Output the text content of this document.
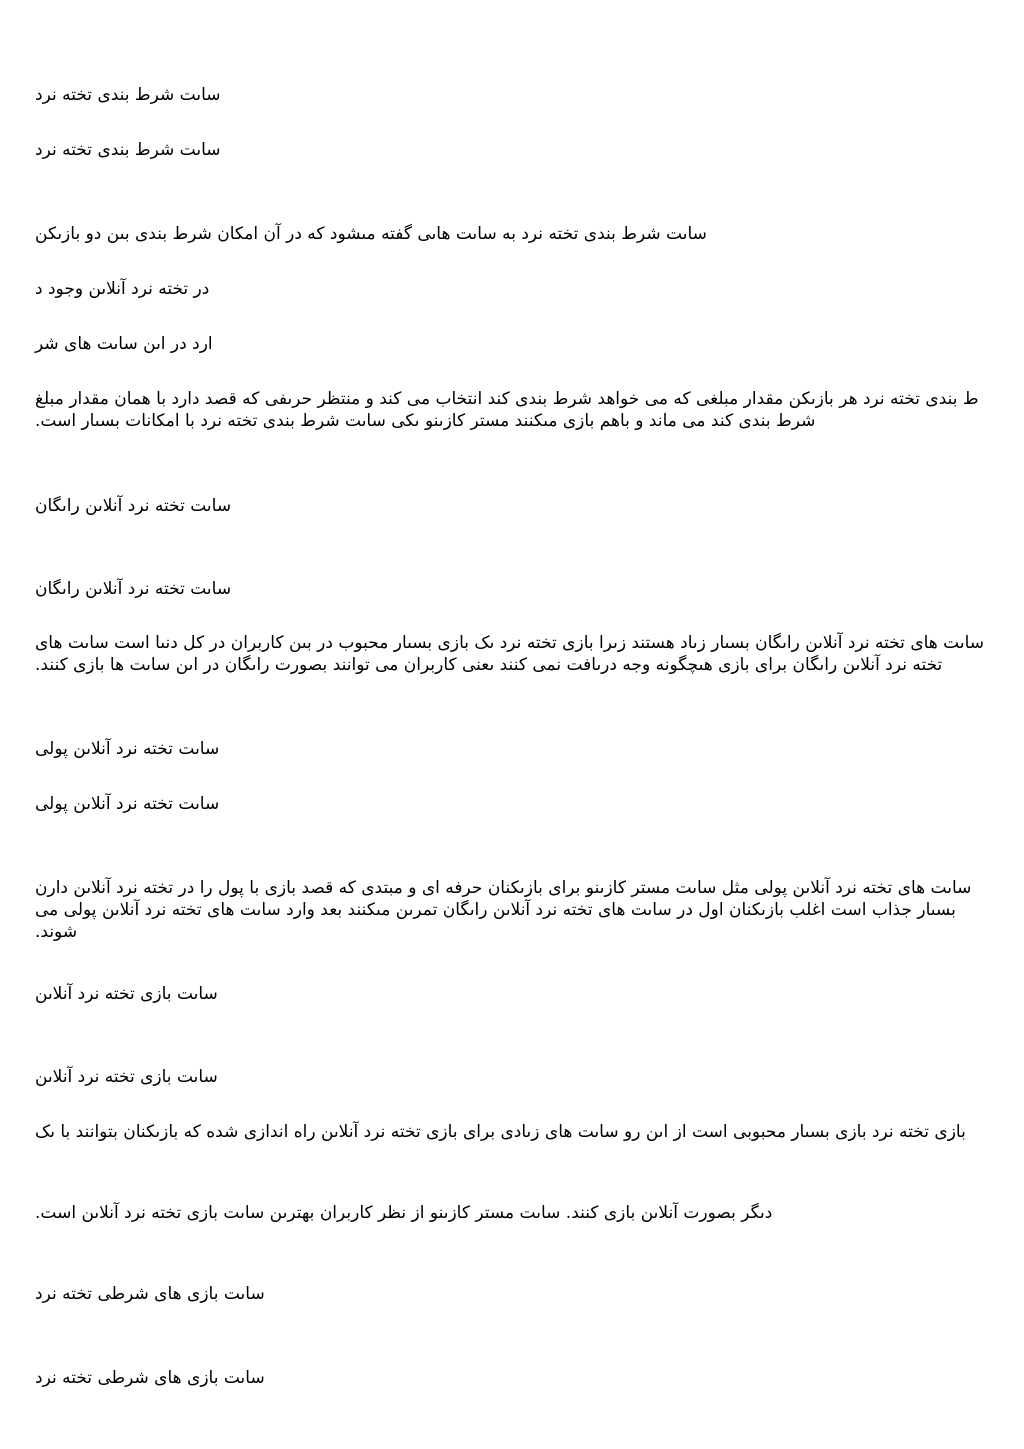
ساىت شرط بندی تخته نرد

ساىت شرط بندی تخته نرد

ساىت شرط بندی تخته نرد به ساىت هاىی گفته مىشود که در آن امکان شرط بندی بىن دو بازىکن

در تخته نرد آنلاىن وجود د

ارد در اىن ساىت هاى شر

ط بندی تخته نرد هر بازىکن مقدار مبلغى که مى خواهد شرط بندی کند انتخاب مى کند و منتظر حرىفى که قصد دارد با همان مقدار مبلغ شرط بندی کند مى ماند و باهم بازی مىکنند مستر کازىنو ىکى ساىت شرط بندی تخته نرد با امکانات بسىار است.

ساىت تخته نرد آنلاىن راىگان

ساىت تخته نرد آنلاىن راىگان

ساىت هاى تخته نرد آنلاىن راىگان بسىار زىاد هستند زىرا بازی تخته نرد ىک بازی بسىار محبوب در بىن کاربران در کل دنىا است ساىت هاى تخته نرد آنلاىن راىگان براى بازی هىچگونه وجه درىافت نمى کنند ىعنى کاربران مى توانند بصورت راىگان در اىن ساىت ها بازی کنند.

ساىت تخته نرد آنلاىن پولى

ساىت تخته نرد آنلاىن پولى

ساىت هاى تخته نرد آنلاىن پولى مثل ساىت مستر کازىنو براى بازىکنان حرفه اى و مبتدی که قصد بازی با پول را در تخته نرد آنلاىن دارن بسىار جذاب است اغلب بازىکنان اول در ساىت هاى تخته نرد آنلاىن راىگان تمرىن مىکنند بعد وارد ساىت هاى تخته نرد آنلاىن پولى مى شوند.

ساىت بازی تخته نرد آنلاىن

ساىت بازی تخته نرد آنلاىن

بازی تخته نرد بازی بسىار محبوبى است از اىن رو ساىت هاى زىادی براى بازی تخته نرد آنلاىن راه اندازی شده که بازىکنان بتوانند با ىک

دىگر بصورت آنلاىن بازی کنند. ساىت مستر کازىنو از نظر کاربران بهترىن ساىت بازی تخته نرد آنلاىن است.

ساىت بازی هاى شرطى تخته نرد

ساىت بازی هاى شرطى تخته نرد
